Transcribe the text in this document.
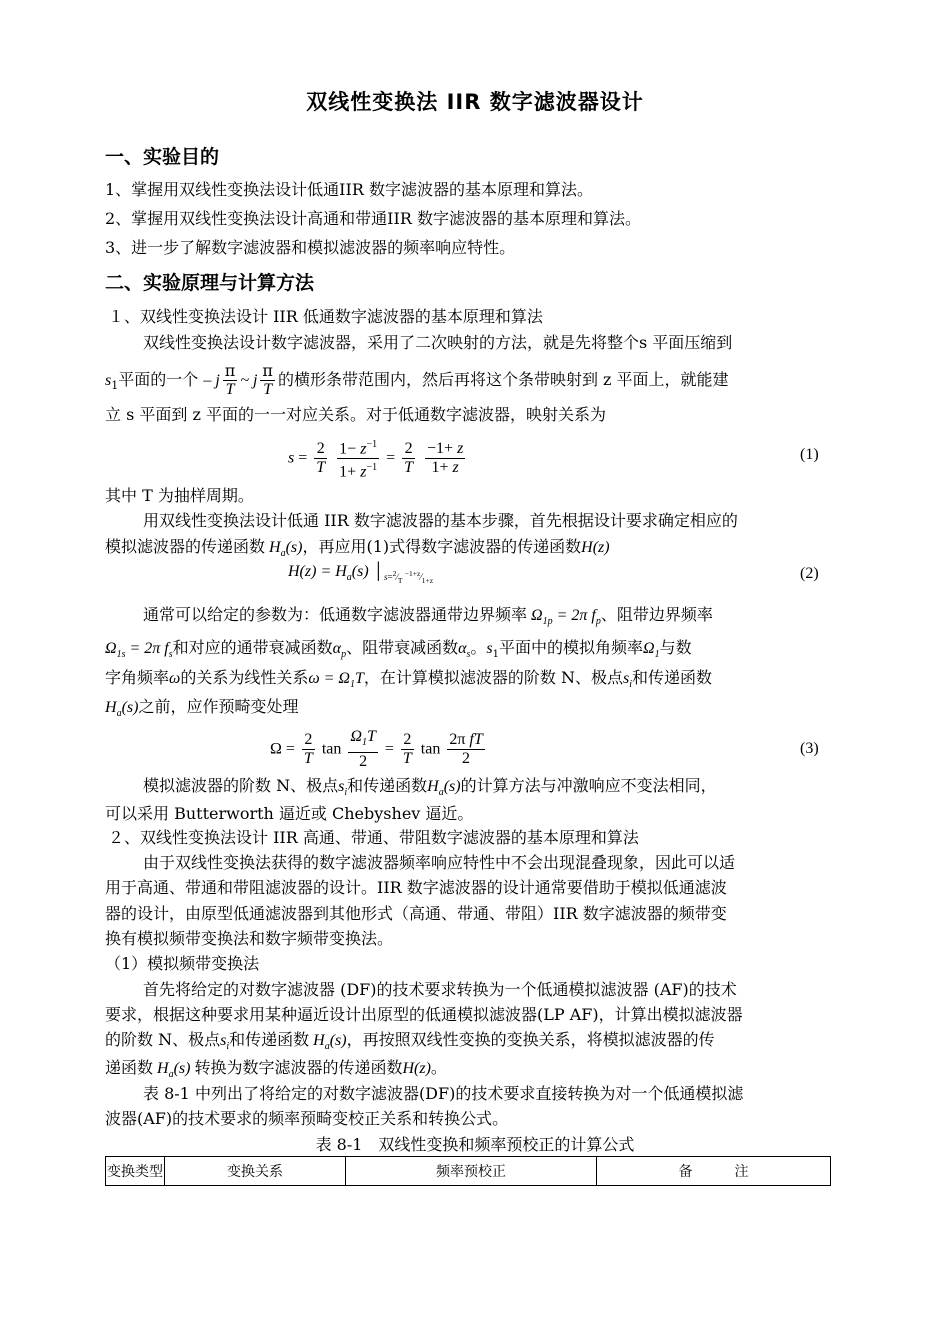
双线性变换法 IIR 数字滤波器设计
一、实验目的
1、掌握用双线性变换法设计低通IIR 数字滤波器的基本原理和算法。
2、掌握用双线性变换法设计高通和带通IIR 数字滤波器的基本原理和算法。
3、进一步了解数字滤波器和模拟滤波器的频率响应特性。
二、实验原理与计算方法
１、双线性变换法设计 IIR 低通数字滤波器的基本原理和算法
双线性变换法设计数字滤波器，采用了二次映射的方法，就是先将整个s 平面压缩到
$s_1$平面的一个 – j $\frac{\pi}{T}$ ~ j $\frac{\pi}{T}$ 的横形条带范围内，然后再将这个条带映射到 z 平面上，就能建
立 s 平面到 z 平面的一一对应关系。对于低通数字滤波器，映射关系为
$s = \frac{2}{T}$
$\frac{1- z^{-1}}{1+ z^{-1}} = \frac{2}{T}$
$\frac{-1+ z}{1+ z}$	(1)
其中 T 为抽样周期。
用双线性变换法设计低通 IIR 数字滤波器的基本步骤，首先根据设计要求确定相应的
模拟滤波器的传递函数 $H_a(s)$，再应用(1)式得数字滤波器的传递函数H(z)
$H(z) = H_a(s)$ $│_{s=^2⁄_T ^{-1+z}⁄_{1+z}}$	(2)
通常可以给定的参数为：低通数字滤波器通带边界频率 $\Omega_{1p} = 2\pi$ $f_p$、阻带边界频率
$\Omega_{1s} = 2\pi$ $f_s$和对应的通带衰减函数$\alpha_p$、阻带衰减函数$\alpha_s$。$s_1$平面中的模拟角频率$\Omega_1$与数
字角频率ω的关系为线性关系$\omega = \Omega_1T$，在计算模拟滤波器的阶数 N、极点$s_i$和传递函数
$H_a(s)$之前，应作预畸变处理
$\Omega = \frac{2}{T}$ $\tan \frac{\Omega_1T}{2} = \frac{2}{T}$ $\tan \frac{\text{2π fT}}{2}$	(3)
模拟滤波器的阶数 N、极点$s_i$和传递函数$H_a(s)$的计算方法与冲激响应不变法相同，
可以采用 Butterworth 逼近或 Chebyshev 逼近。
２、双线性变换法设计 IIR 高通、带通、带阻数字滤波器的基本原理和算法
由于双线性变换法获得的数字滤波器频率响应特性中不会出现混叠现象，因此可以适
用于高通、带通和带阻滤波器的设计。IIR 数字滤波器的设计通常要借助于模拟低通滤波
器的设计，由原型低通滤波器到其他形式（高通、带通、带阻）IIR 数字滤波器的频带变
换有模拟频带变换法和数字频带变换法。
（1）模拟频带变换法
首先将给定的对数字滤波器 (DF)的技术要求转换为一个低通模拟滤波器 (AF)的技术
要求，根据这种要求用某种逼近设计出原型的低通模拟滤波器(LP AF)，计算出模拟滤波器
的阶数 N、极点$s_i$和传递函数 $H_a(s)$，再按照双线性变换的变换关系，将模拟滤波器的传
递函数 $H_a(s)$ 转换为数字滤波器的传递函数H(z)。
表 8-1 中列出了将给定的对数字滤波器(DF)的技术要求直接转换为对一个低通模拟滤
波器(AF)的技术要求的频率预畸变校正关系和转换公式。
表 8-1　双线性变换和频率预校正的计算公式
变换类型	变换关系	频率预校正	备　　　注
